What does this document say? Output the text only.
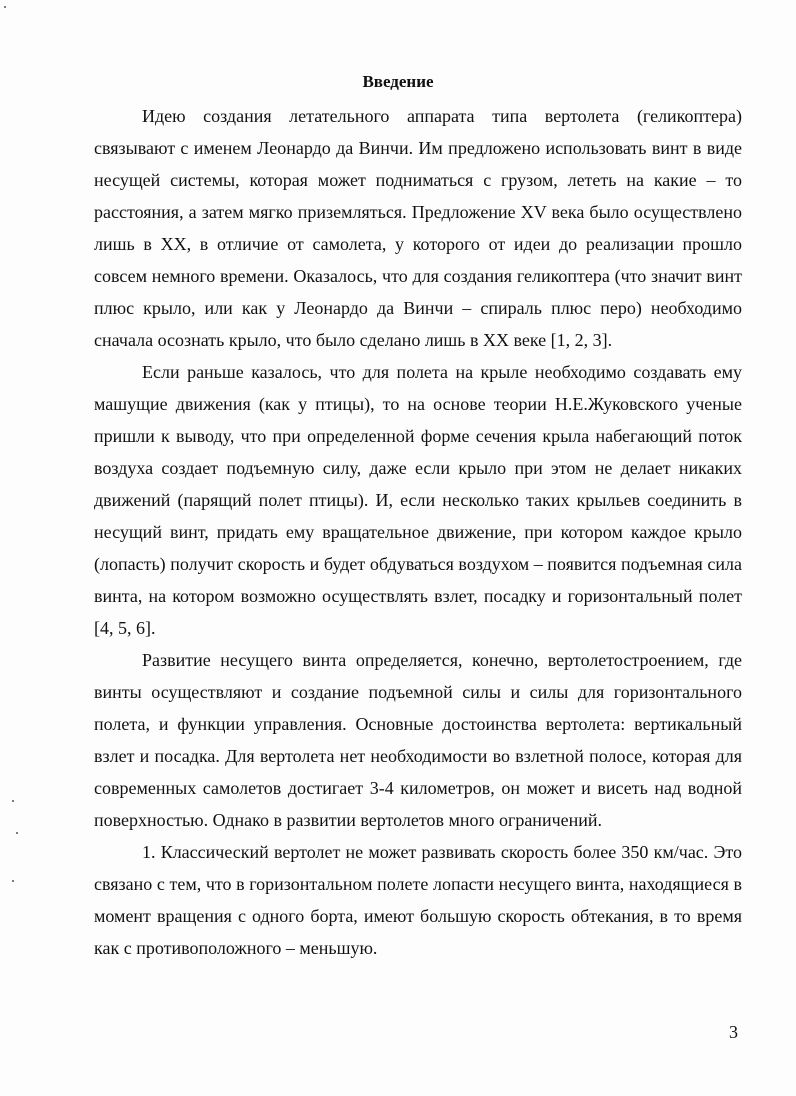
Введение

Идею создания летательного аппарата типа вертолета (геликоптера) связывают с именем Леонардо да Винчи. Им предложено использовать винт в виде несущей системы, которая может подниматься с грузом, лететь на какие – то расстояния, а затем мягко приземляться. Предложение XV века было осуществлено лишь в XX, в отличие от самолета, у которого от идеи до реализации прошло совсем немного времени. Оказалось, что для создания геликоптера (что значит винт плюс крыло, или как у Леонардо да Винчи – спираль плюс перо) необходимо сначала осознать крыло, что было сделано лишь в XX веке [1, 2, 3].

Если раньше казалось, что для полета на крыле необходимо создавать ему машущие движения (как у птицы), то на основе теории Н.Е.Жуковского ученые пришли к выводу, что при определенной форме сечения крыла набегающий поток воздуха создает подъемную силу, даже если крыло при этом не делает никаких движений (парящий полет птицы). И, если несколько таких крыльев соединить в несущий винт, придать ему вращательное движение, при котором каждое крыло (лопасть) получит скорость и будет обдуваться воздухом – появится подъемная сила винта, на котором возможно осуществлять взлет, посадку и горизонтальный полет [4, 5, 6].

Развитие несущего винта определяется, конечно, вертолетостроением, где винты осуществляют и создание подъемной силы и силы для горизонтального полета, и функции управления. Основные достоинства вертолета: вертикальный взлет и посадка. Для вертолета нет необходимости во взлетной полосе, которая для современных самолетов достигает 3-4 километров, он может и висеть над водной поверхностью. Однако в развитии вертолетов много ограничений.

1. Классический вертолет не может развивать скорость более 350 км/час. Это связано с тем, что в горизонтальном полете лопасти несущего винта, находящиеся в момент вращения с одного борта, имеют большую скорость обтекания, в то время как с противоположного – меньшую.

3
